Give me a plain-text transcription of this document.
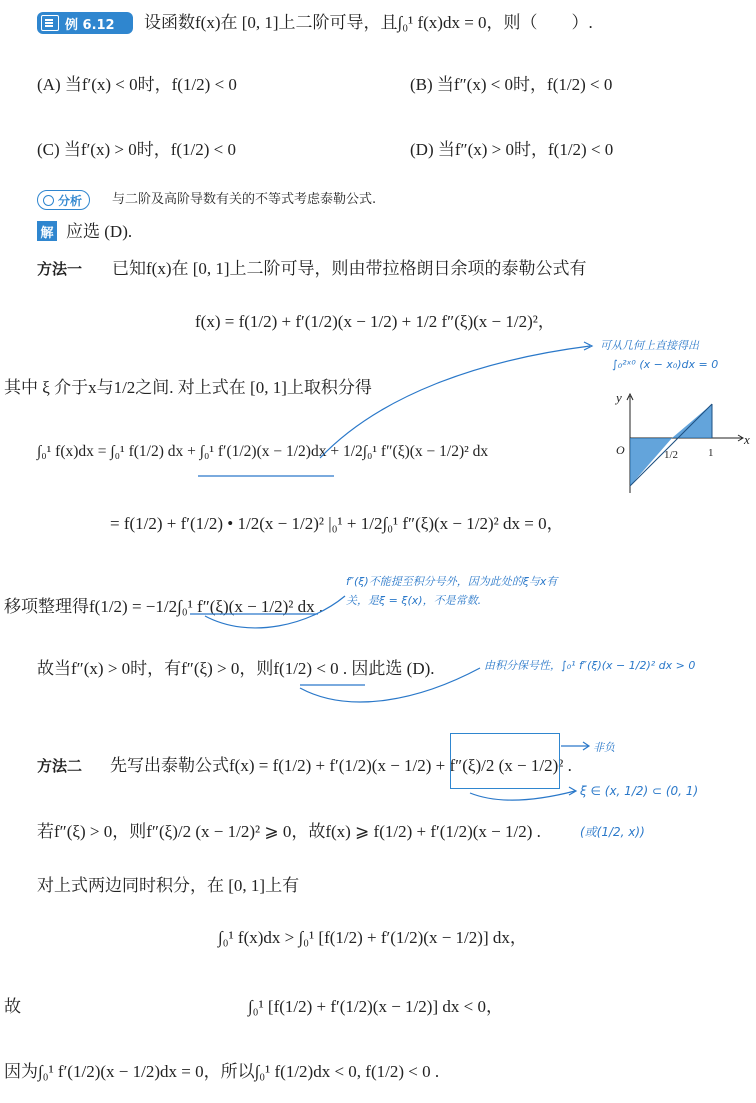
例 6.12 设函数f(x)在 [0, 1]上二阶可导，且∫₀¹ f(x)dx = 0，则（　　）.
(A) 当f′(x) < 0时，f(1/2) < 0	(B) 当f″(x) < 0时，f(1/2) < 0
(C) 当f′(x) > 0时，f(1/2) < 0	(D) 当f″(x) > 0时，f(1/2) < 0
分析 与二阶及高阶导数有关的不等式考虑泰勒公式.
解 应选 (D).
方法一 已知f(x)在 [0, 1]上二阶可导，则由带拉格朗日余项的泰勒公式有
f(x) = f(1/2) + f′(1/2)(x − 1/2) + 1/2 f″(ξ)(x − 1/2)²，
其中 ξ 介于x与1/2之间. 对上式在 [0, 1]上取积分得
∫₀¹ f(x)dx = ∫₀¹ f(1/2) dx + ∫₀¹ f′(1/2)(x − 1/2)dx + 1/2∫₀¹ f″(ξ)(x − 1/2)² dx
= f(1/2) + f′(1/2) • 1/2(x − 1/2)² |₀¹ + 1/2∫₀¹ f″(ξ)(x − 1/2)² dx = 0，
移项整理得f(1/2) = −1/2∫₀¹ f″(ξ)(x − 1/2)² dx .
故当f″(x) > 0时，有f″(ξ) > 0，则f(1/2) < 0 . 因此选 (D).
可从几何上直接得出
∫₀²ˣ⁰ (x − x₀)dx = 0
f″(ξ)不能提至积分号外，因为此处的ξ与x有
关，是ξ = ξ(x)，不是常数.
由积分保号性，∫₀¹ f″(ξ)(x − 1/2)² dx > 0
y
x
O	1/2	1
方法二 先写出泰勒公式f(x) = f(1/2) + f′(1/2)(x − 1/2) + f″(ξ)/2 (x − 1/2)² .
非负
ξ ∈ (x, 1/2) ⊂ (0, 1)
若f″(ξ) > 0，则f″(ξ)/2 (x − 1/2)² ⩾ 0，故f(x) ⩾ f(1/2) + f′(1/2)(x − 1/2) .	(或(1/2, x))
对上式两边同时积分，在 [0, 1]上有
∫₀¹ f(x)dx > ∫₀¹ [f(1/2) + f′(1/2)(x − 1/2)] dx，
故	∫₀¹ [f(1/2) + f′(1/2)(x − 1/2)] dx < 0，
因为∫₀¹ f′(1/2)(x − 1/2)dx = 0，所以∫₀¹ f(1/2)dx < 0, f(1/2) < 0 .
